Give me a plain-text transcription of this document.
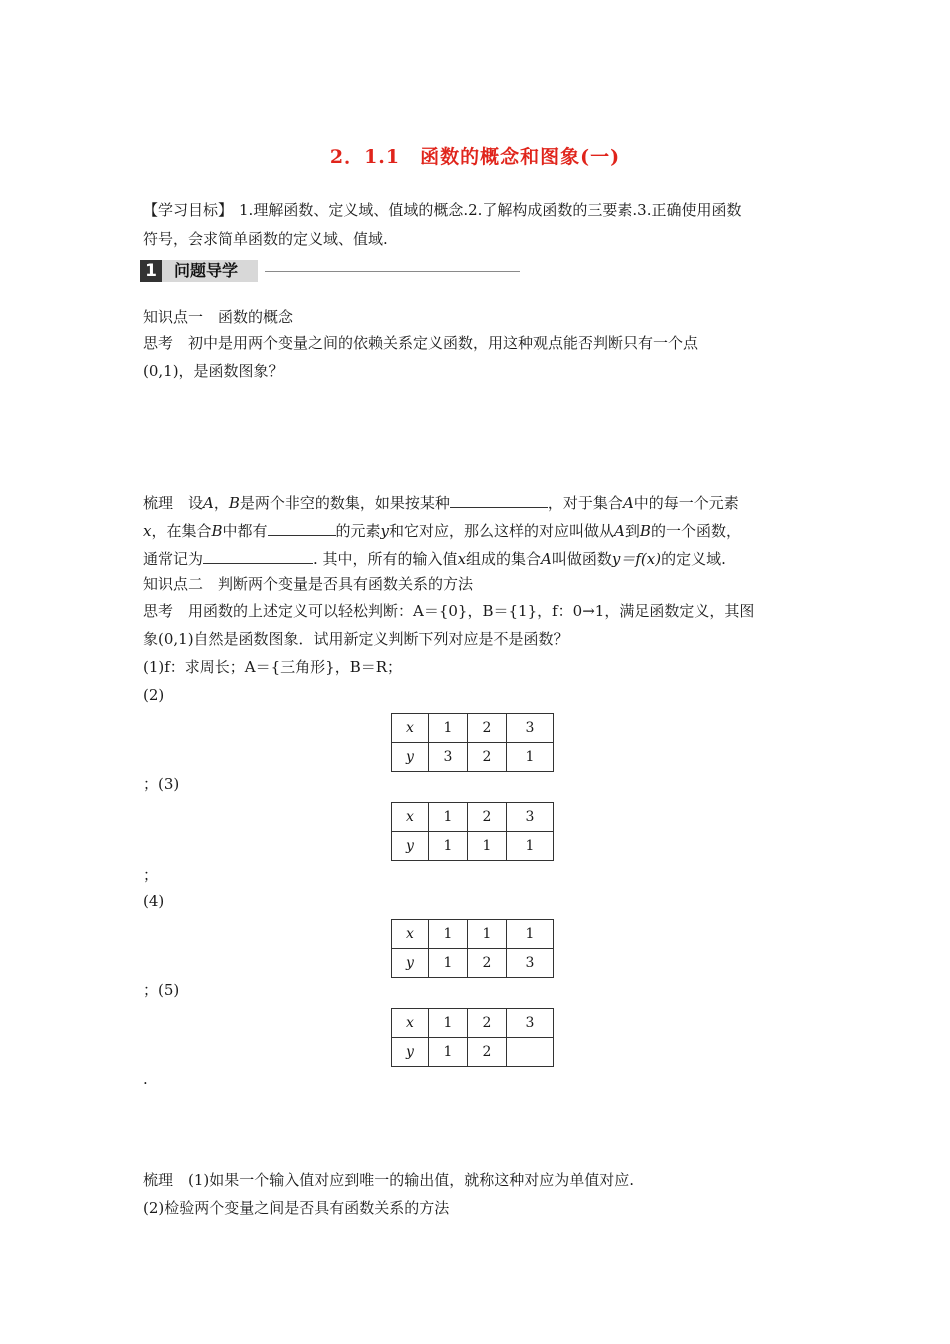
2．1.1　函数的概念和图象(一)
【学习目标】 1.理解函数、定义域、值域的概念.2.了解构成函数的三要素.3.正确使用函数
符号，会求简单函数的定义域、值域.
1	问题导学
知识点一　函数的概念
思考　初中是用两个变量之间的依赖关系定义函数，用这种观点能否判断只有一个点
(0,1)，是函数图象？
梳理　设A，B是两个非空的数集，如果按某种	，对于集合A中的每一个元素
x，在集合B中都有	的元素y和它对应，那么这样的对应叫做从A到B的一个函数，
通常记为	. 其中，所有的输入值x组成的集合A叫做函数y＝f(x)的定义域.
知识点二　判断两个变量是否具有函数关系的方法
思考　用函数的上述定义可以轻松判断：A＝{0}，B＝{1}，f：0→1，满足函数定义，其图
象(0,1)自然是函数图象．试用新定义判断下列对应是不是函数？
(1)f：求周长；A＝{三角形}，B＝R；
(2)
x	1	2	3
y	3	2	1
；(3)
x	1	2	3
y	1	1	1
；
(4)
x	1	1	1
y	1	2	3
；(5)
x	1	2	3
y	1	2	
.
梳理　(1)如果一个输入值对应到唯一的输出值，就称这种对应为单值对应.
(2)检验两个变量之间是否具有函数关系的方法
